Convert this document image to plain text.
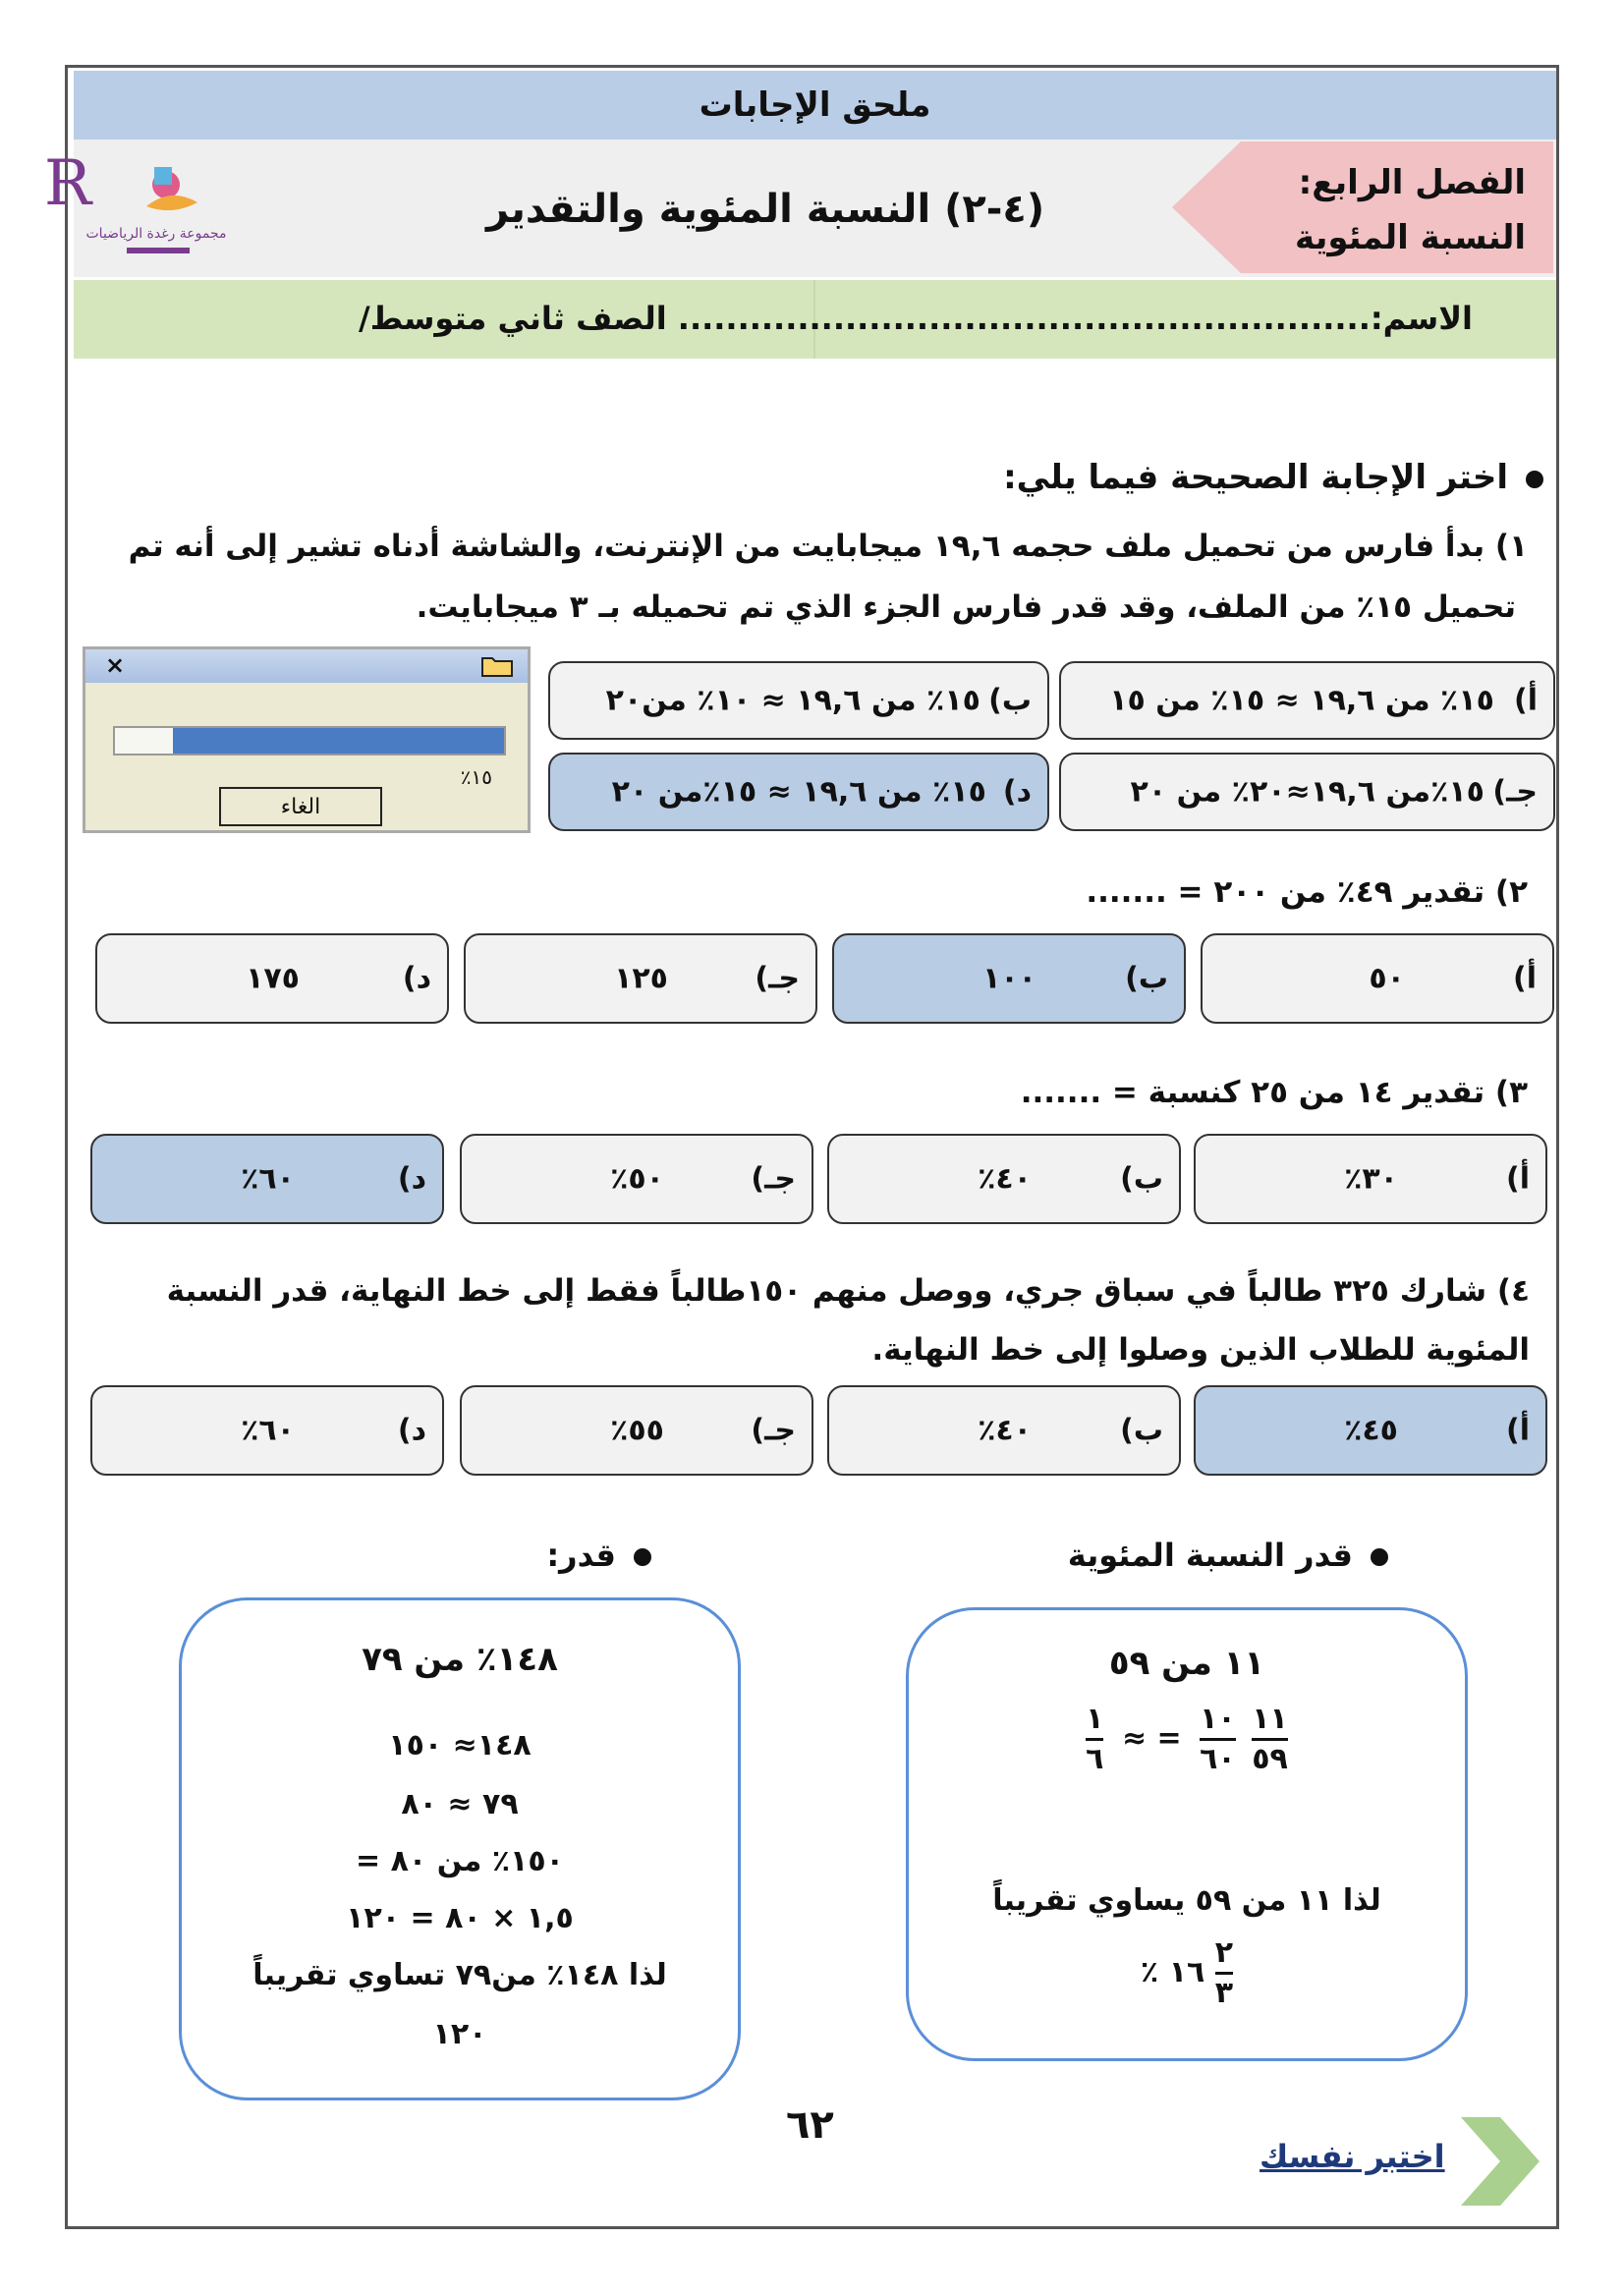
ملحق الإجابات
الفصل الرابع:
النسبة المئوية
(٤-٢) النسبة المئوية والتقدير
R
مجموعة رغدة الرياضيات
الاسم:..........................................................
الصف ثاني متوسط/
اختر الإجابة الصحيحة فيما يلي:
١) بدأ فارس من تحميل ملف حجمه ١٩,٦ ميجابايت من الإنترنت، والشاشة أدناه تشير إلى أنه تم
تحميل ١٥٪ من الملف، وقد قدر فارس الجزء الذي تم تحميله بـ ٣ ميجابايت.
أ)
١٥٪ من ١٩,٦ ≈ ١٥٪ من ١٥
ب)
١٥٪ من ١٩,٦ ≈ ١٠٪ من٢٠
جـ)
١٥٪من ١٩,٦≈٢٠٪ من ٢٠
د)
١٥٪ من ١٩,٦ ≈ ١٥٪من ٢٠
×
١٥٪
الغاء
٢) تقدير ٤٩٪ من ٢٠٠ = .......
أ)
٥٠
ب)
١٠٠
جـ)
١٢٥
د)
١٧٥
٣) تقدير ١٤ من ٢٥ كنسبة = .......
أ)
٣٠٪
ب)
٤٠٪
جـ)
٥٠٪
د)
٦٠٪
٤) شارك ٣٢٥ طالباً في سباق جري، ووصل منهم ١٥٠طالباً فقط إلى خط النهاية، قدر النسبة
المئوية للطلاب الذين وصلوا إلى خط النهاية.
أ)
٤٥٪
ب)
٤٠٪
جـ)
٥٥٪
د)
٦٠٪
قدر النسبة المئوية
قدر:
١١ من ٥٩
$\frac{١}{٦}$ ≈ = $\frac{١٠}{٦٠}$
$\frac{١١}{٥٩}$
لذا ١١ من ٥٩ يساوي تقريباً
٪ ١٦ $\frac{٢}{٣}$
١٤٨٪ من ٧٩
١٤٨≈ ١٥٠
٧٩ ≈ ٨٠
١٥٠٪ من ٨٠ =
١,٥ × ٨٠ = ١٢٠
لذا ١٤٨٪ من٧٩ تساوي تقريباً
١٢٠
٦٢
اختبر نفسك
